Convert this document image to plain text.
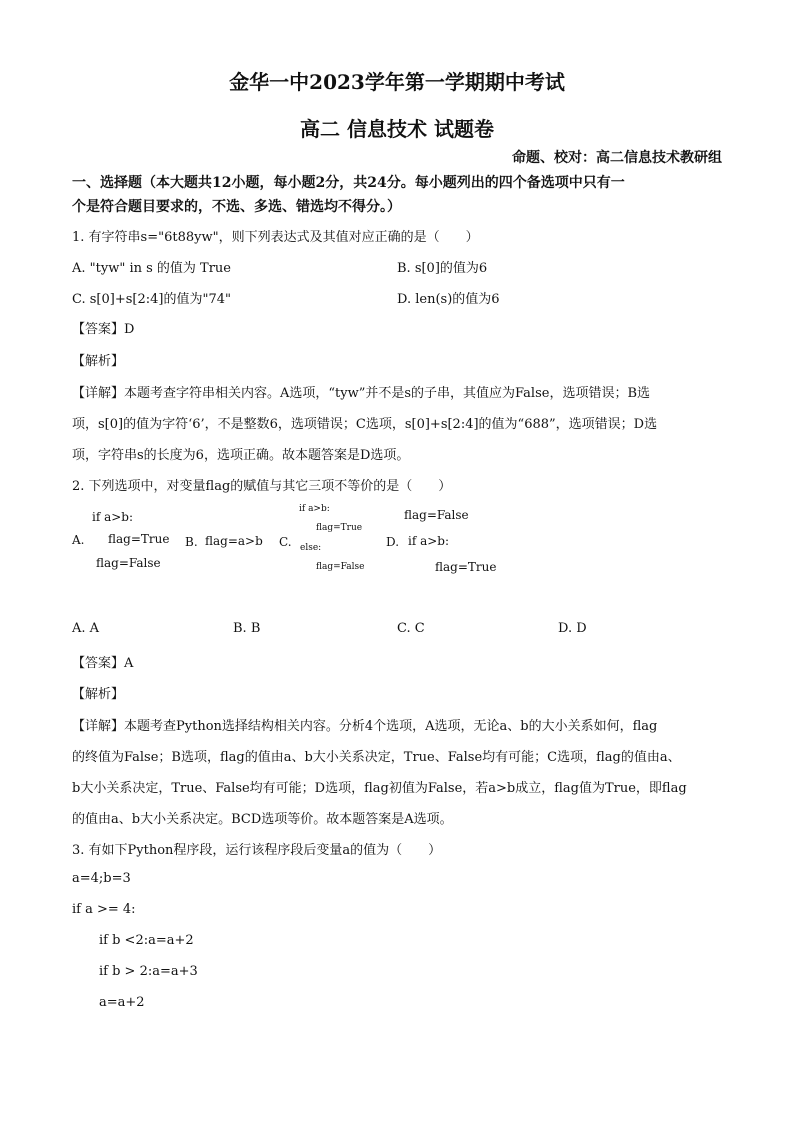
金华一中2023学年第一学期期中考试
高二 信息技术 试题卷
命题、校对：高二信息技术教研组
一、选择题（本大题共12小题，每小题2分，共24分。每小题列出的四个备选项中只有一
个是符合题目要求的，不选、多选、错选均不得分。）
1. 有字符串s="6t88yw"，则下列表达式及其值对应正确的是（　　）
A. "tyw" in s 的值为 True	B. s[0]的值为6
C. s[0]+s[2:4]的值为"74"	D. len(s)的值为6
【答案】D
【解析】
【详解】本题考查字符串相关内容。A选项，“tyw”并不是s的子串，其值应为False，选项错误；B选
项，s[0]的值为字符‘6’，不是整数6，选项错误；C选项，s[0]+s[2:4]的值为“688”，选项错误；D选
项，字符串s的长度为6，选项正确。故本题答案是D选项。
2. 下列选项中，对变量flag的赋值与其它三项不等价的是（　　）
if a>b:
A. flag=True
flag=False
B. flag=a>b
if a>b:
flag=True
C. else:
flag=False
flag=False
D. if a>b:
flag=True
A. A	B. B	C. C	D. D
【答案】A
【解析】
【详解】本题考查Python选择结构相关内容。分析4个选项，A选项，无论a、b的大小关系如何，flag
的终值为False；B选项，flag的值由a、b大小关系决定，True、False均有可能；C选项，flag的值由a、
b大小关系决定，True、False均有可能；D选项，flag初值为False，若a>b成立，flag值为True，即flag
的值由a、b大小关系决定。BCD选项等价。故本题答案是A选项。
3. 有如下Python程序段，运行该程序段后变量a的值为（　　）
a=4;b=3
if a >= 4:
if b <2:a=a+2
if b > 2:a=a+3
a=a+2
